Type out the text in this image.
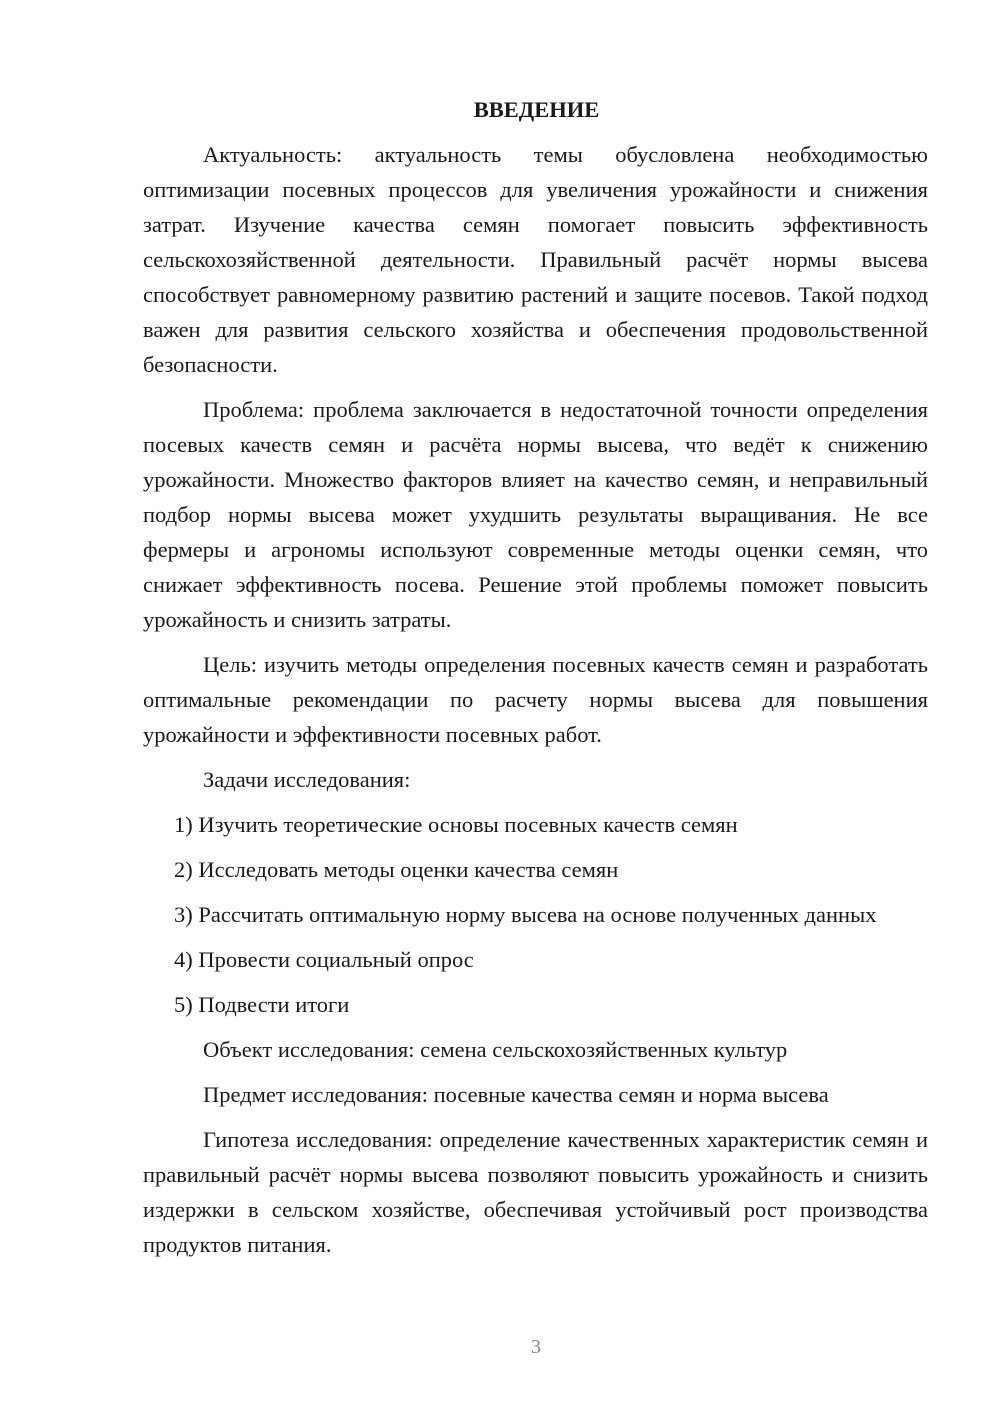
ВВЕДЕНИЕ

Актуальность: актуальность темы обусловлена необходимостью оптимизации посевных процессов для увеличения урожайности и снижения затрат. Изучение качества семян помогает повысить эффективность сельскохозяйственной деятельности. Правильный расчёт нормы высева способствует равномерному развитию растений и защите посевов. Такой подход важен для развития сельского хозяйства и обеспечения продовольственной безопасности.

Проблема: проблема заключается в недостаточной точности определения посевых качеств семян и расчёта нормы высева, что ведёт к снижению урожайности. Множество факторов влияет на качество семян, и неправильный подбор нормы высева может ухудшить результаты выращивания. Не все фермеры и агрономы используют современные методы оценки семян, что снижает эффективность посева. Решение этой проблемы поможет повысить урожайность и снизить затраты.

Цель: изучить методы определения посевных качеств семян и разработать оптимальные рекомендации по расчету нормы высева для повышения урожайности и эффективности посевных работ.

Задачи исследования:

1) Изучить теоретические основы посевных качеств семян

2) Исследовать методы оценки качества семян

3) Рассчитать оптимальную норму высева на основе полученных данных

4) Провести социальный опрос

5) Подвести итоги

Объект исследования: семена сельскохозяйственных культур

Предмет исследования: посевные качества семян и норма высева

Гипотеза исследования: определение качественных характеристик семян и правильный расчёт нормы высева позволяют повысить урожайность и снизить издержки в сельском хозяйстве, обеспечивая устойчивый рост производства продуктов питания.

3
